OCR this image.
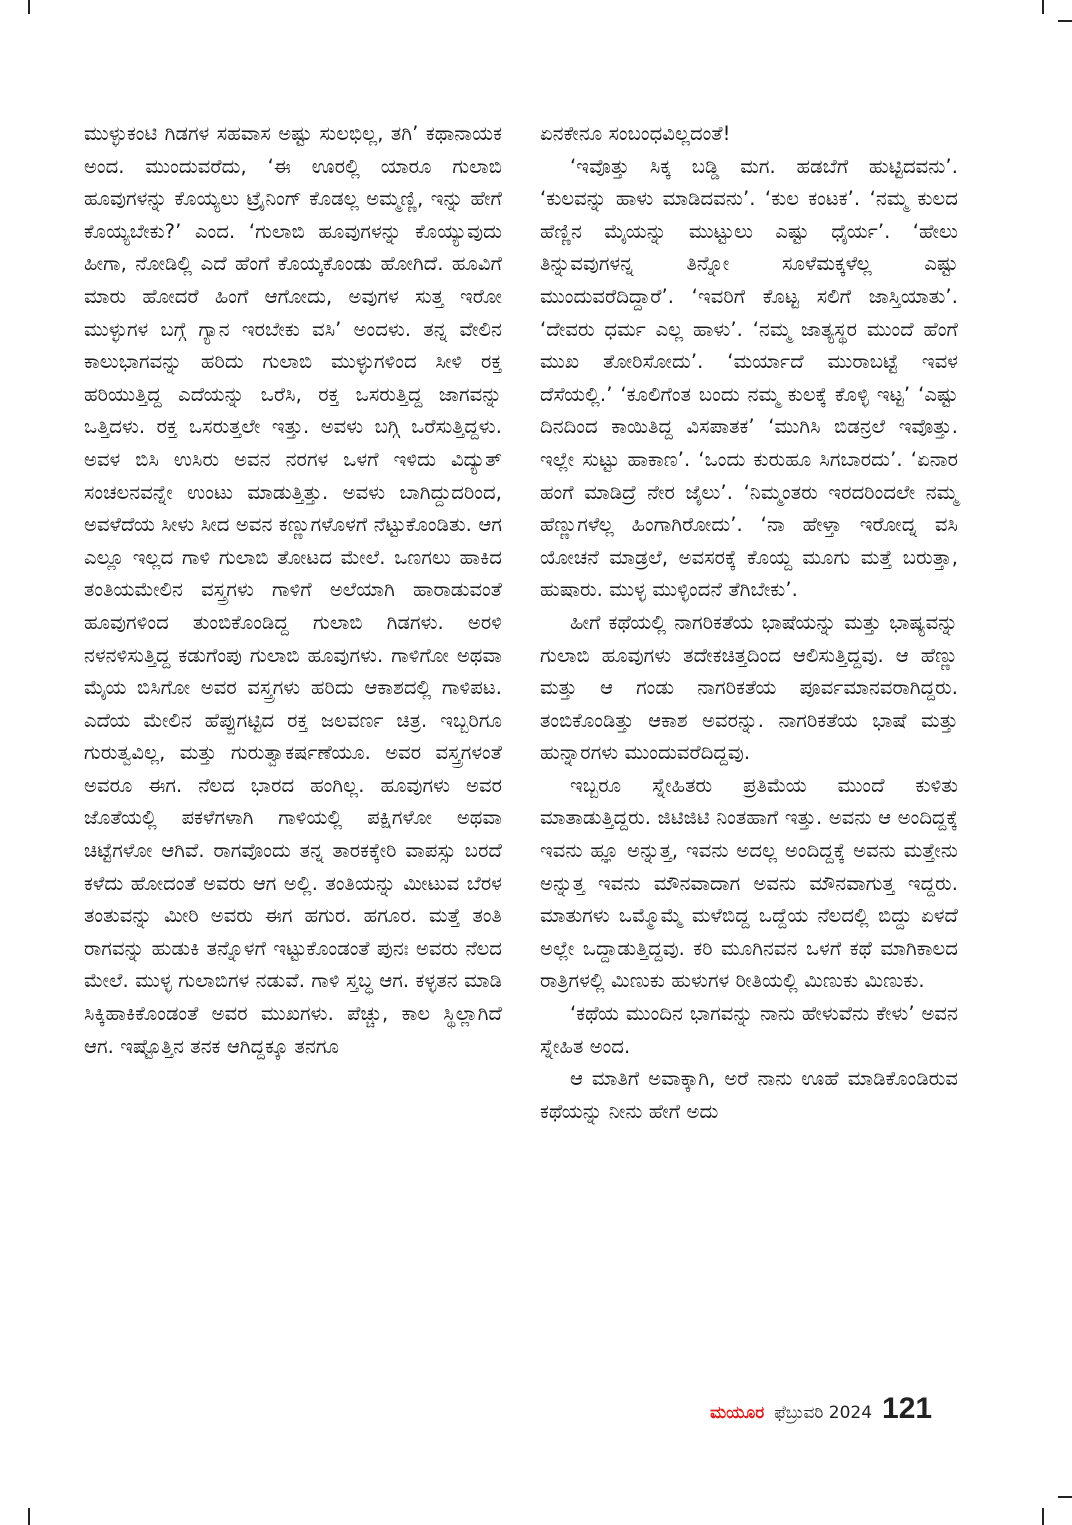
ಮುಳ್ಳುಕಂಟಿ ಗಿಡಗಳ ಸಹವಾಸ ಅಷ್ಟು ಸುಲಭಿಲ್ಲ, ತಗಿ’ ಕಥಾನಾಯಕ ಅಂದ. ಮುಂದುವರೆದು, ‘ಈ ಊರಲ್ಲಿ ಯಾರೂ ಗುಲಾಬಿ ಹೂವುಗಳನ್ನು ಕೊಯ್ಯಲು ಟ್ರೈನಿಂಗ್ ಕೊಡಲ್ಲ ಅಮ್ಮಣ್ಣಿ, ಇನ್ನು ಹೇಗೆ ಕೊಯ್ಯಬೇಕು?’ ಎಂದ. ‘ಗುಲಾಬಿ ಹೂವುಗಳನ್ನು ಕೊಯ್ಯುವುದು ಹೀಗಾ, ನೋಡಿಲ್ಲಿ ಎದೆ ಹೆಂಗೆ ಕೊಯ್ಕಕೊಂಡು ಹೋಗಿದೆ. ಹೂವಿಗೆ ಮಾರು ಹೋದರೆ ಹಿಂಗೆ ಆಗೋದು, ಅವುಗಳ ಸುತ್ತ ಇರೋ ಮುಳ್ಳುಗಳ ಬಗ್ಗೆ ಗ್ಯಾನ ಇರಬೇಕು ವಸಿ’ ಅಂದಳು. ತನ್ನ ವೇಲಿನ ಕಾಲುಭಾಗವನ್ನು ಹರಿದು ಗುಲಾಬಿ ಮುಳ್ಳುಗಳಿಂದ ಸೀಳಿ ರಕ್ತ ಹರಿಯುತ್ತಿದ್ದ ಎದೆಯನ್ನು ಒರೆಸಿ, ರಕ್ತ ಒಸರುತ್ತಿದ್ದ ಜಾಗವನ್ನು ಒತ್ತಿದಳು. ರಕ್ತ ಒಸರುತ್ತಲೇ ಇತ್ತು. ಅವಳು ಬಗ್ಗಿ ಒರೆಸುತ್ತಿದ್ದಳು. ಅವಳ ಬಿಸಿ ಉಸಿರು ಅವನ ನರಗಳ ಒಳಗೆ ಇಳಿದು ವಿದ್ಯುತ್ ಸಂಚಲನವನ್ನೇ ಉಂಟು ಮಾಡುತ್ತಿತ್ತು. ಅವಳು ಬಾಗಿದ್ದುದರಿಂದ, ಅವಳೆದೆಯ ಸೀಳು ಸೀದ ಅವನ ಕಣ್ಣುಗಳೊಳಗೆ ನೆಟ್ಟುಕೊಂಡಿತು. ಆಗ ಎಲ್ಲೂ ಇಲ್ಲದ ಗಾಳಿ ಗುಲಾಬಿ ತೋಟದ ಮೇಲೆ. ಒಣಗಲು ಹಾಕಿದ ತಂತಿಯಮೇಲಿನ ವಸ್ತ್ರಗಳು ಗಾಳಿಗೆ ಅಲೆಯಾಗಿ ಹಾರಾಡುವಂತೆ ಹೂವುಗಳಿಂದ ತುಂಬಿಕೊಂಡಿದ್ದ ಗುಲಾಬಿ ಗಿಡಗಳು. ಅರಳಿ ನಳನಳಿಸುತ್ತಿದ್ದ ಕಡುಗೆಂಪು ಗುಲಾಬಿ ಹೂವುಗಳು. ಗಾಳಿಗೋ ಅಥವಾ ಮೈಯ ಬಿಸಿಗೋ ಅವರ ವಸ್ತ್ರಗಳು ಹರಿದು ಆಕಾಶದಲ್ಲಿ ಗಾಳಿಪಟ. ಎದೆಯ ಮೇಲಿನ ಹೆಪ್ಪುಗಟ್ಟಿದ ರಕ್ತ ಜಲವರ್ಣ ಚಿತ್ರ. ಇಬ್ಬರಿಗೂ ಗುರುತ್ವವಿಲ್ಲ, ಮತ್ತು ಗುರುತ್ವಾಕರ್ಷಣೆಯೂ. ಅವರ ವಸ್ತ್ರಗಳಂತೆ ಅವರೂ ಈಗ. ನೆಲದ ಭಾರದ ಹಂಗಿಲ್ಲ. ಹೂವುಗಳು ಅವರ ಜೊತೆಯಲ್ಲಿ ಪಕಳೆಗಳಾಗಿ ಗಾಳಿಯಲ್ಲಿ ಪಕ್ಷಿಗಳೋ ಅಥವಾ ಚಿಟ್ಟೆಗಳೋ ಆಗಿವೆ. ರಾಗವೊಂದು ತನ್ನ ತಾರಕಕ್ಕೇರಿ ವಾಪಸ್ಸು ಬರದೆ ಕಳೆದು ಹೋದಂತೆ ಅವರು ಆಗ ಅಲ್ಲಿ. ತಂತಿಯನ್ನು ಮೀಟುವ ಬೆರಳ ತಂತುವನ್ನು ಮೀರಿ ಅವರು ಈಗ ಹಗುರ. ಹಗೂರ. ಮತ್ತೆ ತಂತಿ ರಾಗವನ್ನು ಹುಡುಕಿ ತನ್ನೊಳಗೆ ಇಟ್ಟುಕೊಂಡಂತೆ ಪುನಃ ಅವರು ನೆಲದ ಮೇಲೆ. ಮುಳ್ಳ ಗುಲಾಬಿಗಳ ನಡುವೆ. ಗಾಳಿ ಸ್ತಬ್ಧ ಆಗ. ಕಳ್ಳತನ ಮಾಡಿ ಸಿಕ್ಕಿಹಾಕಿಕೊಂಡಂತೆ ಅವರ ಮುಖಗಳು. ಪೆಚ್ಚು, ಕಾಲ ಸ್ಥಿಲ್ಲಾಗಿದೆ ಆಗ. ಇಷ್ಟೊತ್ತಿನ ತನಕ ಆಗಿದ್ದಕ್ಕೂ ತನಗೂ

ಏನಕೇನೂ ಸಂಬಂಧವಿಲ್ಲದಂತೆ!

‘ಇವೊತ್ತು ಸಿಕ್ಕ ಬಡ್ಡಿ ಮಗ. ಹಡಬೆಗೆ ಹುಟ್ಟಿದವನು’. ‘ಕುಲವನ್ನು ಹಾಳು ಮಾಡಿದವನು’. ‘ಕುಲ ಕಂಟಕ’. ‘ನಮ್ಮ ಕುಲದ ಹೆಣ್ಣಿನ ಮೈಯನ್ನು ಮುಟ್ಟುಲು ಎಷ್ಟು ಧೈರ್ಯ’. ‘ಹೇಲು ತಿನ್ನುವವುಗಳನ್ನ ತಿನ್ನೋ ಸೂಳೆಮಕ್ಕಳೆಲ್ಲ ಎಷ್ಟು ಮುಂದುವರೆದಿದ್ದಾರೆ’. ‘ಇವರಿಗೆ ಕೊಟ್ಟ ಸಲಿಗೆ ಜಾಸ್ತಿಯಾತು’. ‘ದೇವರು ಧರ್ಮ ಎಲ್ಲ ಹಾಳು’. ‘ನಮ್ಮ ಜಾತ್ಯಸ್ಥರ ಮುಂದೆ ಹೆಂಗೆ ಮುಖ ತೋರಿಸೋದು’. ‘ಮರ್ಯಾದೆ ಮುರಾಬಟ್ಟೆ ಇವಳ ದೆಸೆಯಲ್ಲಿ.’ ‘ಕೂಲಿಗೆಂತ ಬಂದು ನಮ್ಮ ಕುಲಕ್ಕೆ ಕೊಳ್ಳಿ ಇಟ್ಟ’ ‘ಎಷ್ಟು ದಿನದಿಂದ ಕಾಯಿತಿದ್ದ ವಿಸಪಾತಕ’ ‘ಮುಗಿಸಿ ಬಿಡನ್ರಲೆ ಇವೊತ್ತು. ಇಲ್ಲೇ ಸುಟ್ಟು ಹಾಕಾಣ’. ‘ಒಂದು ಕುರುಹೂ ಸಿಗಬಾರದು’. ‘ಏನಾರ ಹಂಗೆ ಮಾಡಿದ್ರೆ ನೇರ ಜೈಲು’. ‘ನಿಮ್ಮಂತರು ಇರದರಿಂದಲೇ ನಮ್ಮ ಹೆಣ್ಣುಗಳೆಲ್ಲ ಹಿಂಗಾಗಿರೋದು’. ‘ನಾ ಹೇಳ್ತಾ ಇರೋದ್ನ ವಸಿ ಯೋಚನೆ ಮಾಡ್ರಲೆ, ಅವಸರಕ್ಕೆ ಕೊಯ್ದ ಮೂಗು ಮತ್ತೆ ಬರುತ್ತಾ, ಹುಷಾರು. ಮುಳ್ಳ ಮುಳ್ಳಿಂದನೆ ತೆಗಿಬೇಕು’.

ಹೀಗೆ ಕಥೆಯಲ್ಲಿ ನಾಗರಿಕತೆಯ ಭಾಷೆಯನ್ನು ಮತ್ತು ಭಾಷ್ಯವನ್ನು ಗುಲಾಬಿ ಹೂವುಗಳು ತದೇಕಚಿತ್ತದಿಂದ ಆಲಿಸುತ್ತಿದ್ದವು. ಆ ಹೆಣ್ಣು ಮತ್ತು ಆ ಗಂಡು ನಾಗರಿಕತೆಯ ಪೂರ್ವಮಾನವರಾಗಿದ್ದರು. ತಂಬಿಕೊಂಡಿತ್ತು ಆಕಾಶ ಅವರನ್ನು. ನಾಗರಿಕತೆಯ ಭಾಷೆ ಮತ್ತು ಹುನ್ನಾರಗಳು ಮುಂದುವರೆದಿದ್ದವು.

ಇಬ್ಬರೂ ಸ್ನೇಹಿತರು ಪ್ರತಿಮೆಯ ಮುಂದೆ ಕುಳಿತು ಮಾತಾಡುತ್ತಿದ್ದರು. ಜಿಟಿಜಿಟಿ ನಿಂತಹಾಗೆ ಇತ್ತು. ಅವನು ಆ ಅಂದಿದ್ದಕ್ಕೆ ಇವನು ಹ್ಞೂ ಅನ್ನುತ್ತ, ಇವನು ಅದಲ್ಲ ಅಂದಿದ್ದಕ್ಕೆ ಅವನು ಮತ್ತೇನು ಅನ್ನುತ್ತ ಇವನು ಮೌನವಾದಾಗ ಅವನು ಮೌನವಾಗುತ್ತ ಇದ್ದರು. ಮಾತುಗಳು ಒಮ್ಮೊಮ್ಮೆ ಮಳೆಬಿದ್ದ ಒದ್ದೆಯ ನೆಲದಲ್ಲಿ ಬಿದ್ದು ಏಳದೆ ಅಲ್ಲೇ ಒದ್ದಾಡುತ್ತಿದ್ದವು. ಕರಿ ಮೂಗಿನವನ ಒಳಗೆ ಕಥೆ ಮಾಗಿಕಾಲದ ರಾತ್ರಿಗಳಲ್ಲಿ ಮಿಣುಕು ಹುಳುಗಳ ರೀತಿಯಲ್ಲಿ ಮಿಣುಕು ಮಿಣುಕು.

‘ಕಥೆಯ ಮುಂದಿನ ಭಾಗವನ್ನು ನಾನು ಹೇಳುವೆನು ಕೇಳು’ ಅವನ ಸ್ನೇಹಿತ ಅಂದ.

ಆ ಮಾತಿಗೆ ಅವಾಕ್ಕಾಗಿ, ಅರೆ ನಾನು ಊಹೆ ಮಾಡಿಕೊಂಡಿರುವ ಕಥೆಯನ್ನು ನೀನು ಹೇಗೆ ಅದು

ಮಯೂರ ಫೆಬ್ರುವರಿ 2024 121
